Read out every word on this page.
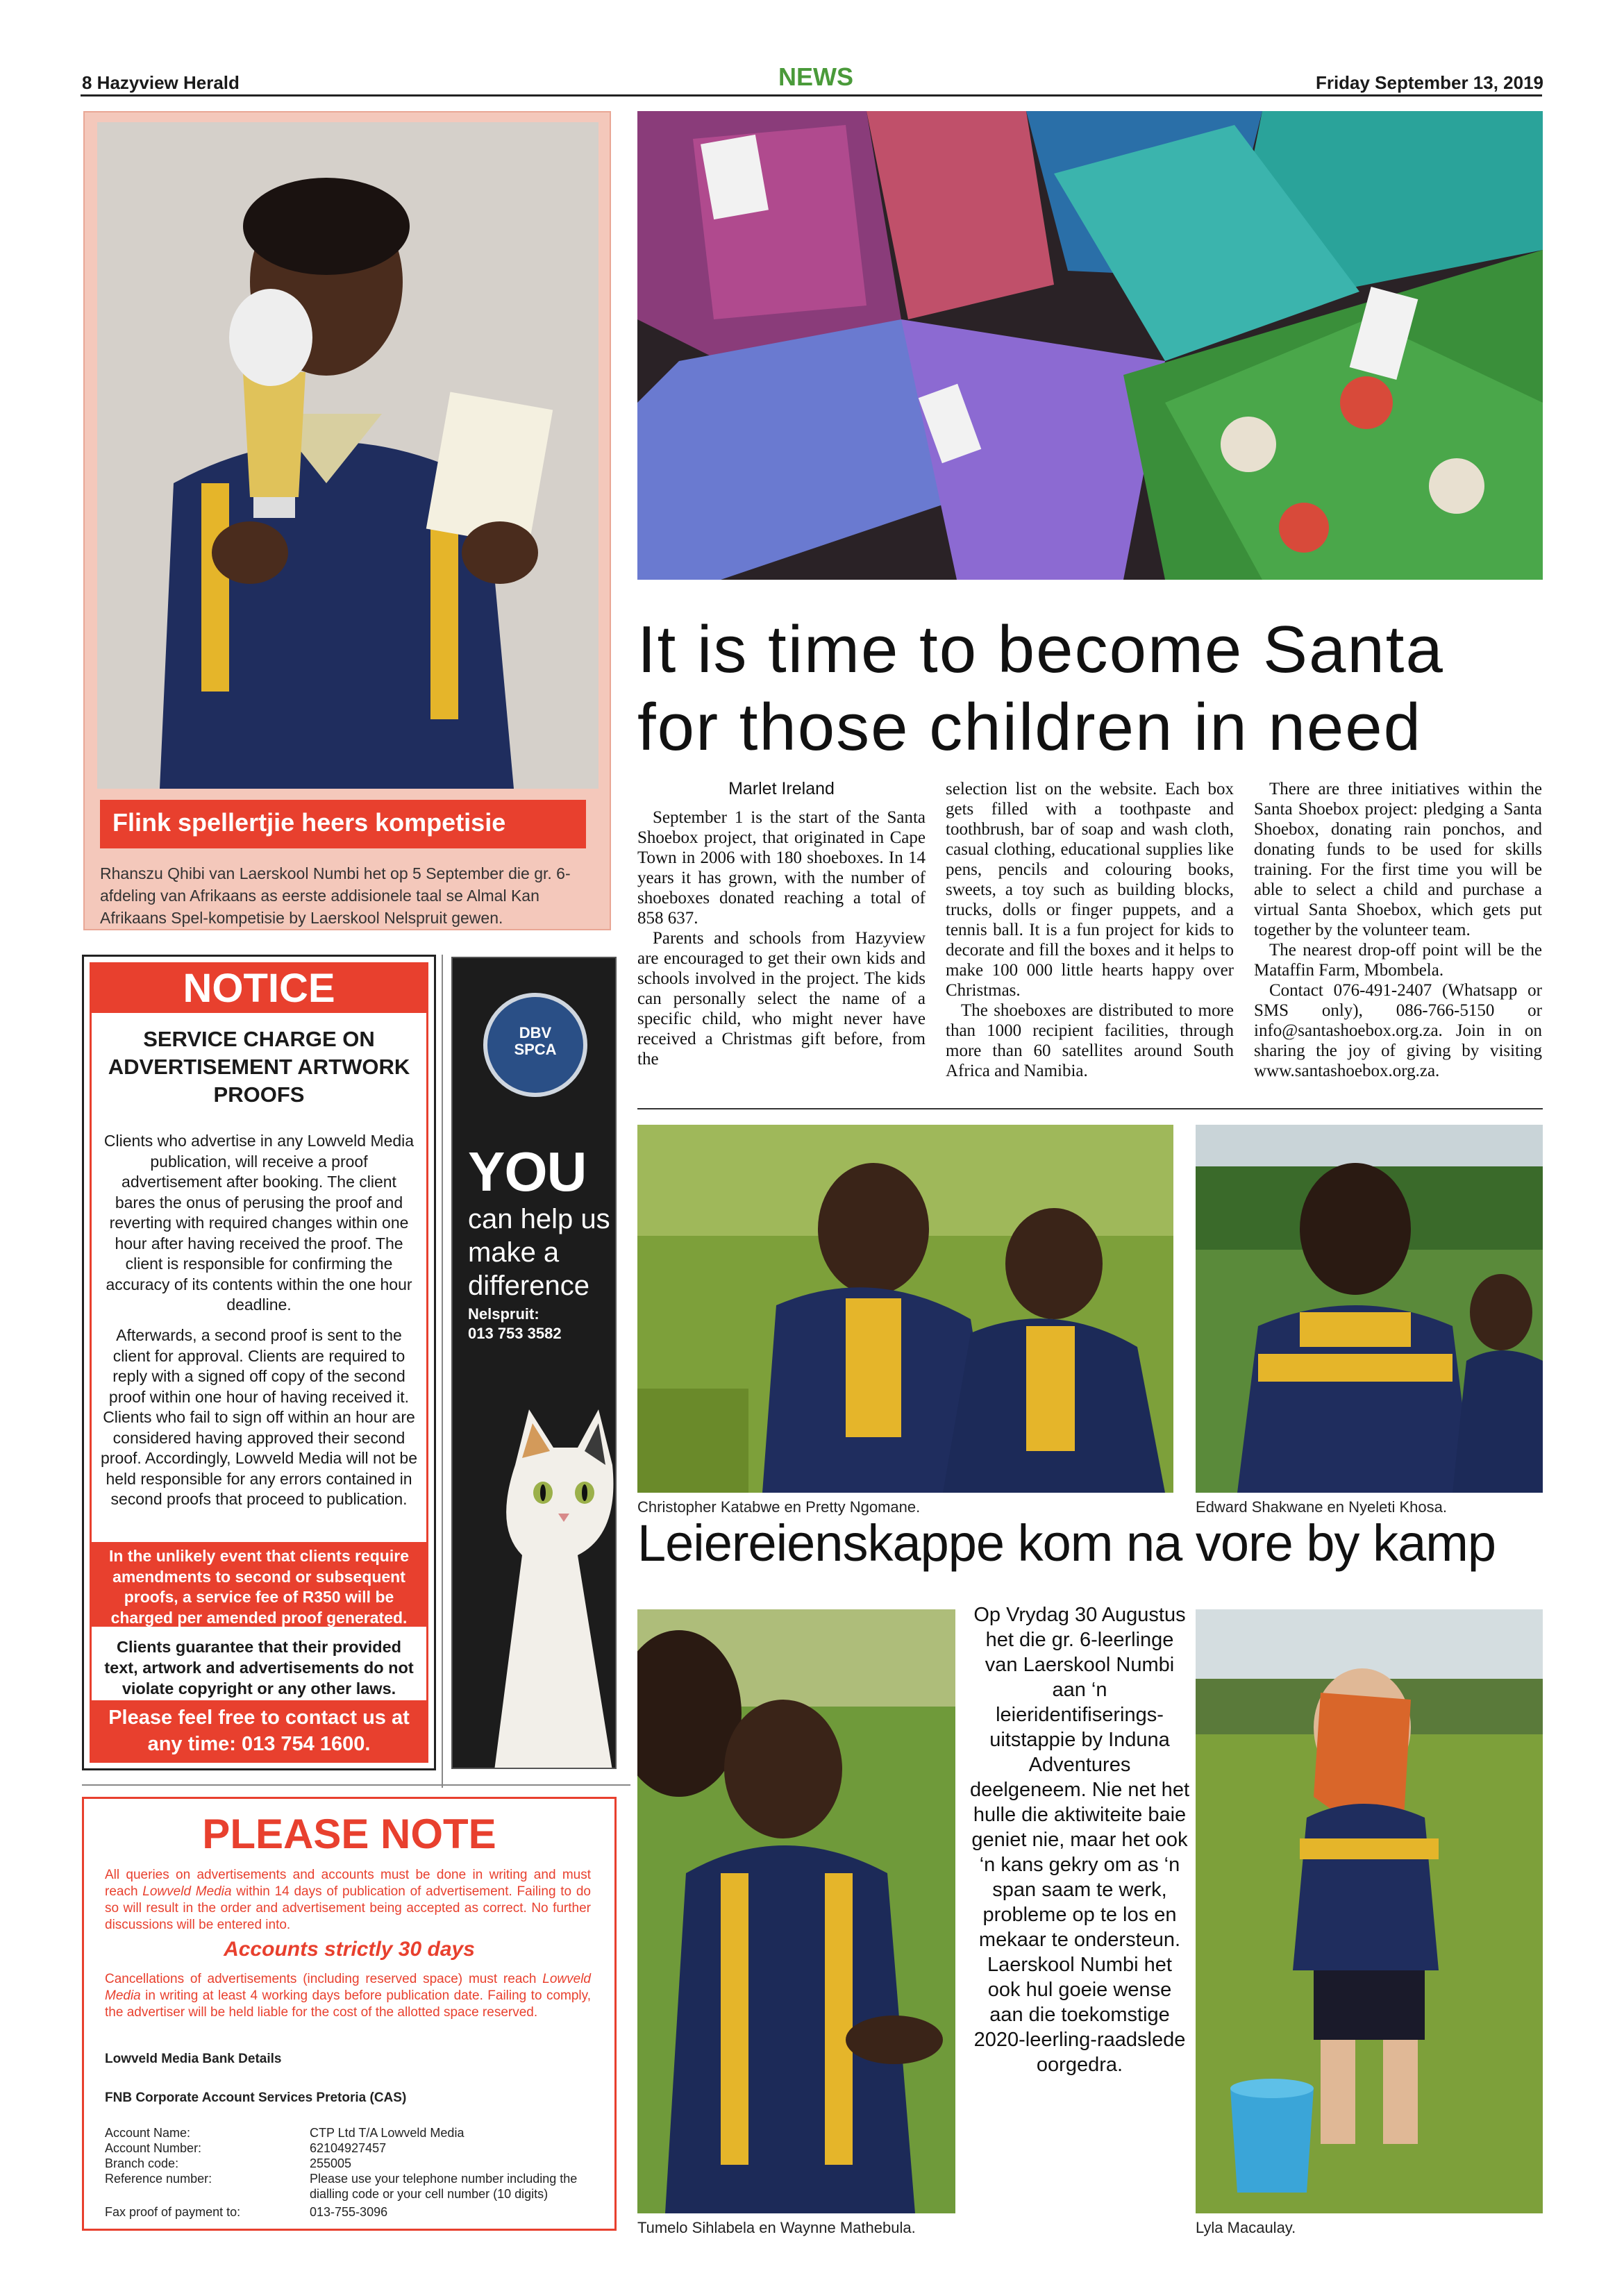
8 Hazyview Herald	NEWS	Friday September 13, 2019
Flink spellertjie heers kompetisie
Rhanszu Qhibi van Laerskool Numbi het op 5 September die gr. 6-afdeling van Afrikaans as eerste addisionele taal se Almal Kan Afrikaans Spel-kompetisie by Laerskool Nelspruit gewen.
NOTICE
SERVICE CHARGE ON ADVERTISEMENT ARTWORK PROOFS
Clients who advertise in any Lowveld Media publication, will receive a proof advertisement after booking. The client bares the onus of perusing the proof and reverting with required changes within one hour after having received the proof. The client is responsible for confirming the accuracy of its contents within the one hour deadline.
Afterwards, a second proof is sent to the client for approval. Clients are required to reply with a signed off copy of the second proof within one hour of having received it. Clients who fail to sign off within an hour are considered having approved their second proof. Accordingly, Lowveld Media will not be held responsible for any errors contained in second proofs that proceed to publication.
In the unlikely event that clients require amendments to second or subsequent proofs, a service fee of R350 will be charged per amended proof generated.
Clients guarantee that their provided text, artwork and advertisements do not violate copyright or any other laws.
Please feel free to contact us at any time: 013 754 1600.
DBV
SPCA
YOU
can help us make a difference
Nelspruit:
013 753 3582
PLEASE NOTE
All queries on advertisements and accounts must be done in writing and must reach Lowveld Media within 14 days of publication of advertisement. Failing to do so will result in the order and advertisement being accepted as correct. No further discussions will be entered into.
Accounts strictly 30 days
Cancellations of advertisements (including reserved space) must reach Lowveld Media in writing at least 4 working days before publication date. Failing to comply, the advertiser will be held liable for the cost of the allotted space reserved.
Lowveld Media Bank Details
FNB Corporate Account Services Pretoria (CAS)
Account Name:	CTP Ltd T/A Lowveld Media
Account Number:	62104927457
Branch code:	255005
Reference number:	Please use your telephone number including the dialling code or your cell number (10 digits)
Fax proof of payment to:	013-755-3096
It is time to become Santa
for those children in need

Marlet Ireland

September 1 is the start of the Santa Shoebox project, that originated in Cape Town in 2006 with 180 shoeboxes. In 14 years it has grown, with the number of shoeboxes donated reaching a total of 858 637.

Parents and schools from Hazyview are encouraged to get their own kids and schools involved in the project. The kids can personally select the name of a specific child, who might never have received a Christmas gift before, from the

selection list on the website. Each box gets filled with a toothpaste and toothbrush, bar of soap and wash cloth, casual clothing, educational supplies like pens, pencils and colouring books, sweets, a toy such as building blocks, trucks, dolls or finger puppets, and a tennis ball. It is a fun project for kids to decorate and fill the boxes and it helps to make 100 000 little hearts happy over Christmas.

The shoeboxes are distributed to more than 1000 recipient facilities, through more than 60 satellites around South Africa and Namibia.

There are three initiatives within the Santa Shoebox project: pledging a Santa Shoebox, donating rain ponchos, and donating funds to be used for skills training. For the first time you will be able to select a child and purchase a virtual Santa Shoebox, which gets put together by the volunteer team.

The nearest drop-off point will be the Mataffin Farm, Mbombela.

Contact 076-491-2407 (Whatsapp or SMS only), 086-766-5150 or info@santashoebox.org.za. Join in on sharing the joy of giving by visiting www.santashoebox.org.za.

Christopher Katabwe en Pretty Ngomane.	Edward Shakwane en Nyeleti Khosa.
Leiereienskappe kom na vore by kamp
Tumelo Sihlabela en Waynne Mathebula.
Op Vrydag 30 Augustus het die gr. 6-leerlinge van Laerskool Numbi aan ‘n leieridentifiserings-uitstappie by Induna Adventures deelgeneem. Nie net het hulle die aktiwiteite baie geniet nie, maar het ook ‘n kans gekry om as ‘n span saam te werk, probleme op te los en mekaar te ondersteun. Laerskool Numbi het ook hul goeie wense aan die toekomstige 2020-leerling-raadslede oorgedra.
Lyla Macaulay.
